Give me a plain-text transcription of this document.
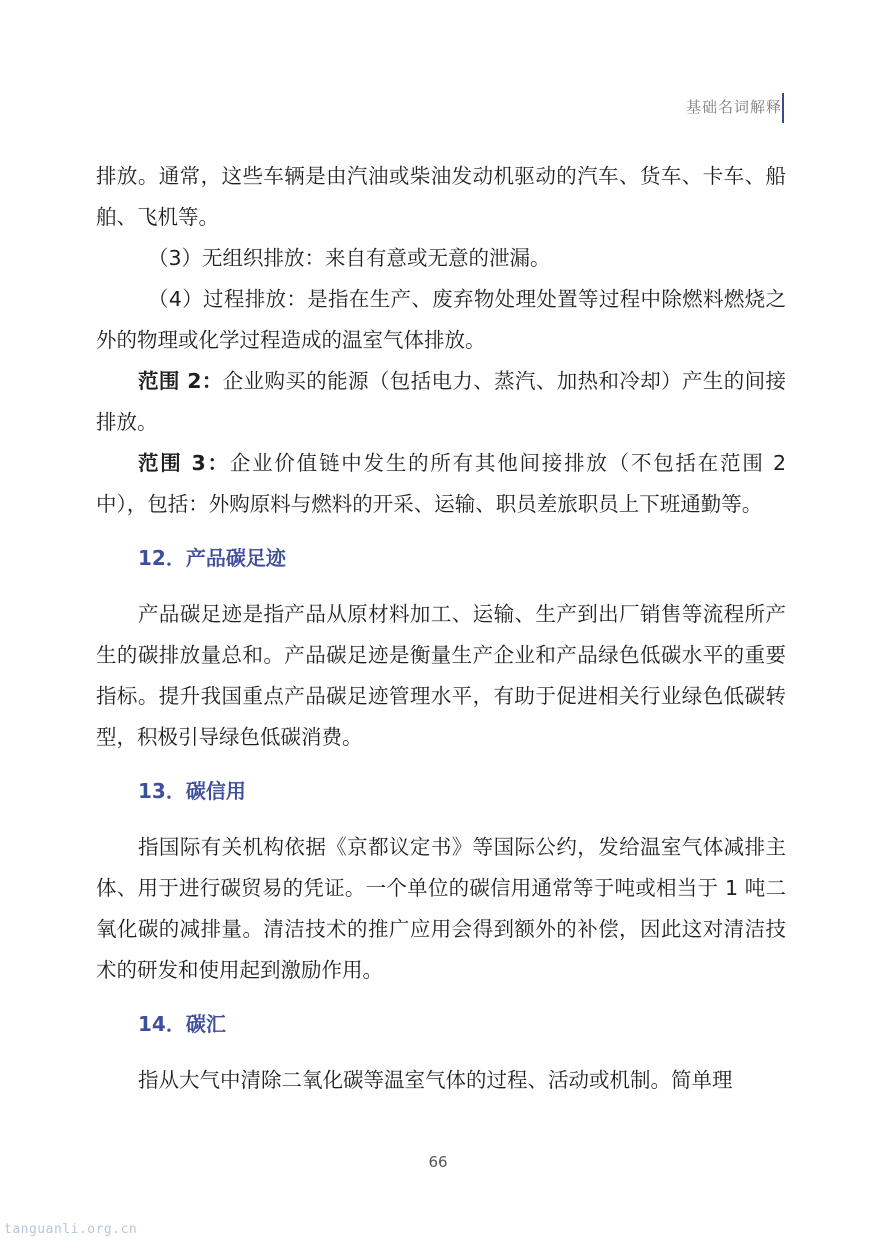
基础名词解释

排放。通常，这些车辆是由汽油或柴油发动机驱动的汽车、货车、卡车、船舶、飞机等。

（3）无组织排放：来自有意或无意的泄漏。

（4）过程排放：是指在生产、废弃物处理处置等过程中除燃料燃烧之外的物理或化学过程造成的温室气体排放。

范围 2：企业购买的能源（包括电力、蒸汽、加热和冷却）产生的间接排放。

范围 3：企业价值链中发生的所有其他间接排放（不包括在范围 2 中），包括：外购原料与燃料的开采、运输、职员差旅职员上下班通勤等。

12．产品碳足迹

产品碳足迹是指产品从原材料加工、运输、生产到出厂销售等流程所产生的碳排放量总和。产品碳足迹是衡量生产企业和产品绿色低碳水平的重要指标。提升我国重点产品碳足迹管理水平，有助于促进相关行业绿色低碳转型，积极引导绿色低碳消费。

13．碳信用

指国际有关机构依据《京都议定书》等国际公约，发给温室气体减排主体、用于进行碳贸易的凭证。一个单位的碳信用通常等于吨或相当于 1 吨二氧化碳的减排量。清洁技术的推广应用会得到额外的补偿，因此这对清洁技术的研发和使用起到激励作用。

14．碳汇

指从大气中清除二氧化碳等温室气体的过程、活动或机制。简单理

66
tanguanli.org.cn
